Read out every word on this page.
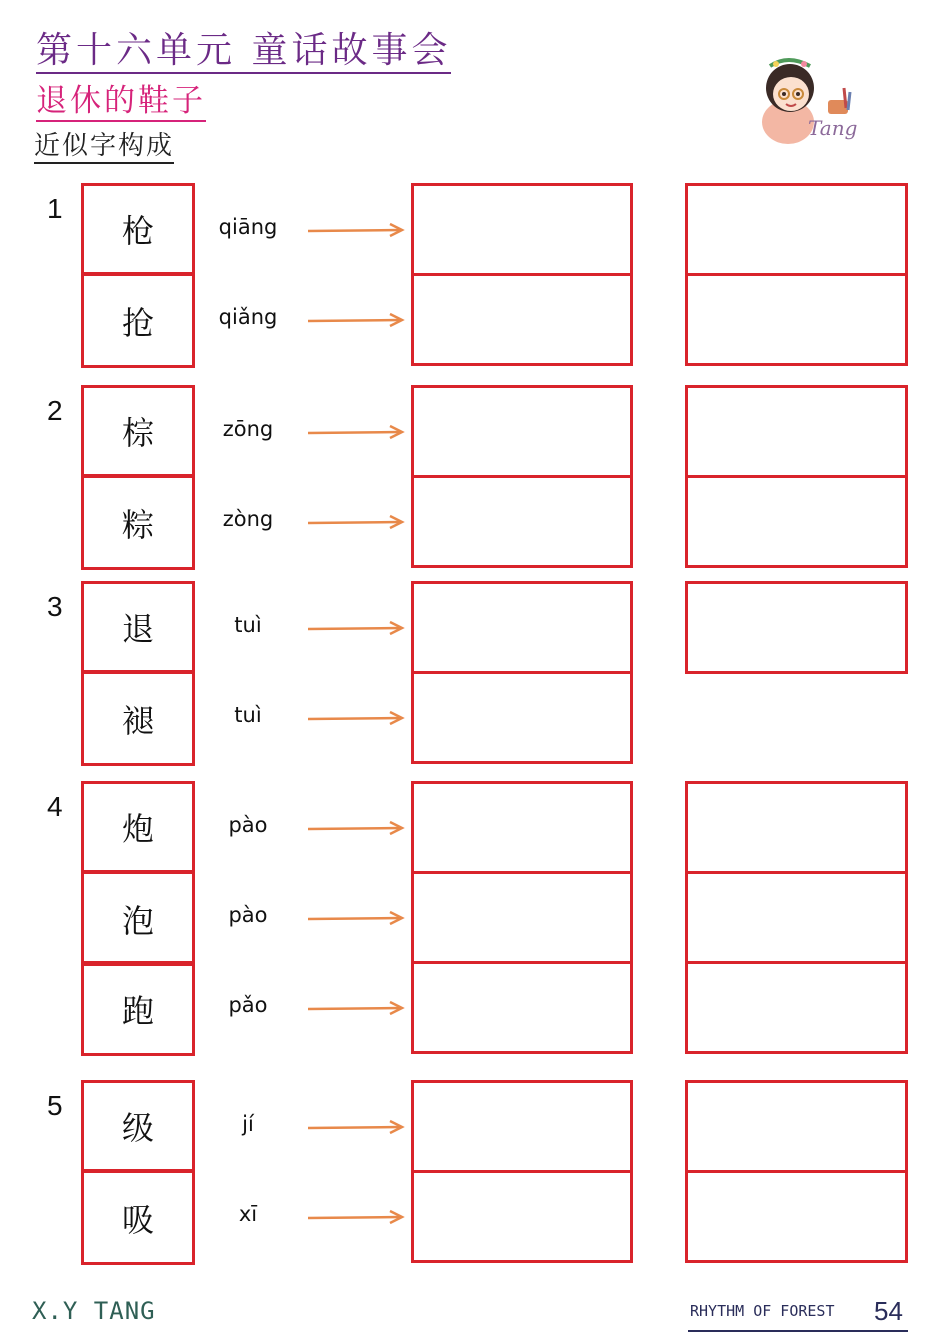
第十六单元 童话故事会
退休的鞋子
近似字构成
Tang
1
枪	qiāng
抢	qiǎng
2
棕	zōng
粽	zòng
3
退	tuì
褪	tuì
4
炮	pào
泡	pào
跑	pǎo
5
级	jí
吸	xī
X.Y TANG	RHYTHM OF FOREST 54
